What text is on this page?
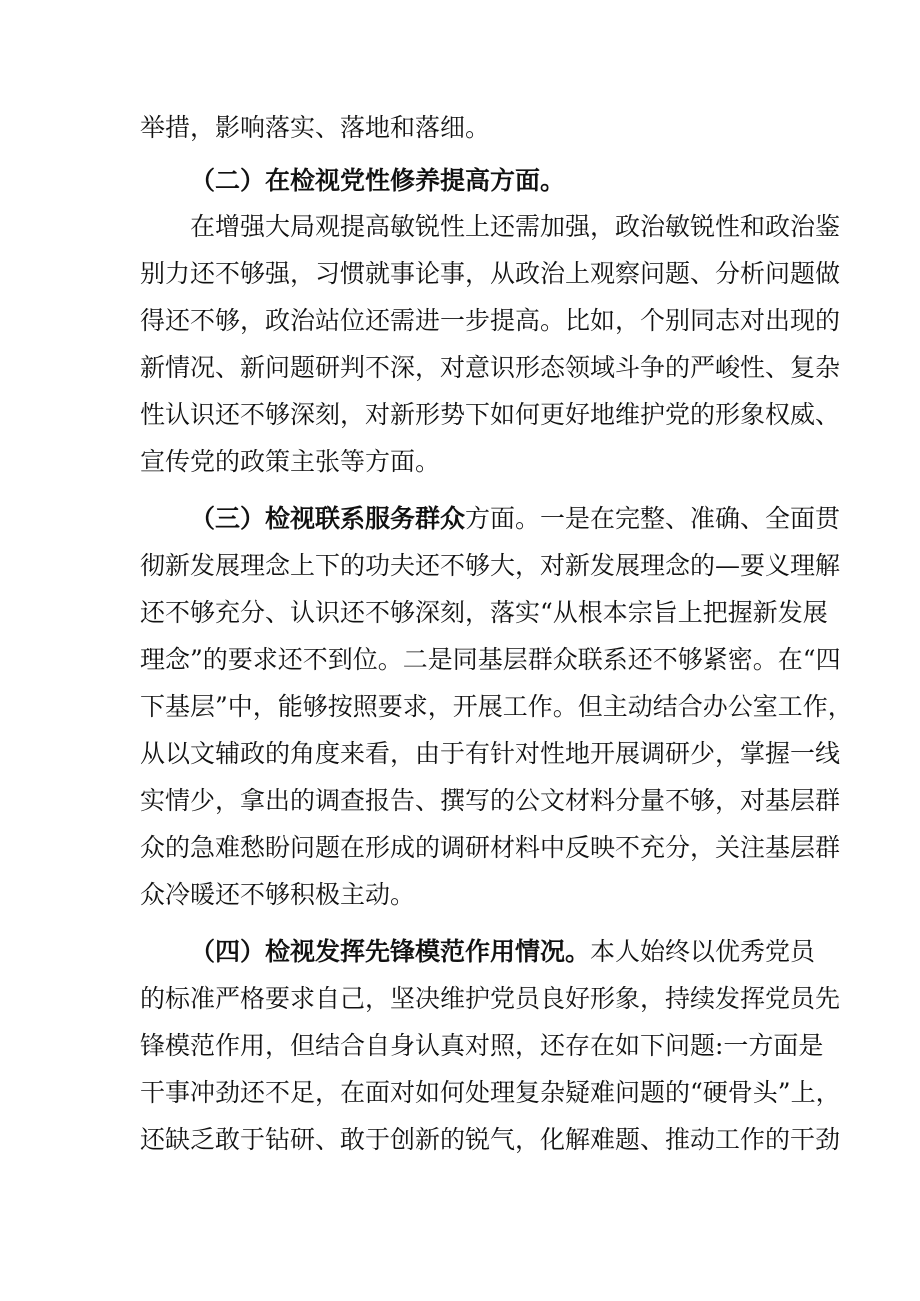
举措，影响落实、落地和落细。
（二）在检视党性修养提高方面。
在增强大局观提高敏锐性上还需加强，政治敏锐性和政治鉴
别力还不够强，习惯就事论事，从政治上观察问题、分析问题做
得还不够，政治站位还需进一步提高。比如，个别同志对出现的
新情况、新问题研判不深，对意识形态领域斗争的严峻性、复杂
性认识还不够深刻，对新形势下如何更好地维护党的形象权威、
宣传党的政策主张等方面。
（三）检视联系服务群众方面。一是在完整、准确、全面贯
彻新发展理念上下的功夫还不够大，对新发展理念的—要义理解
还不够充分、认识还不够深刻，落实“从根本宗旨上把握新发展
理念”的要求还不到位。二是同基层群众联系还不够紧密。在“四
下基层”中，能够按照要求，开展工作。但主动结合办公室工作，
从以文辅政的角度来看，由于有针对性地开展调研少，掌握一线
实情少，拿出的调查报告、撰写的公文材料分量不够，对基层群
众的急难愁盼问题在形成的调研材料中反映不充分，关注基层群
众冷暖还不够积极主动。
（四）检视发挥先锋模范作用情况。本人始终以优秀党员
的标准严格要求自己，坚决维护党员良好形象，持续发挥党员先
锋模范作用，但结合自身认真对照，还存在如下问题:一方面是
干事冲劲还不足，在面对如何处理复杂疑难问题的“硬骨头”上，
还缺乏敢于钻研、敢于创新的锐气，化解难题、推动工作的干劲
